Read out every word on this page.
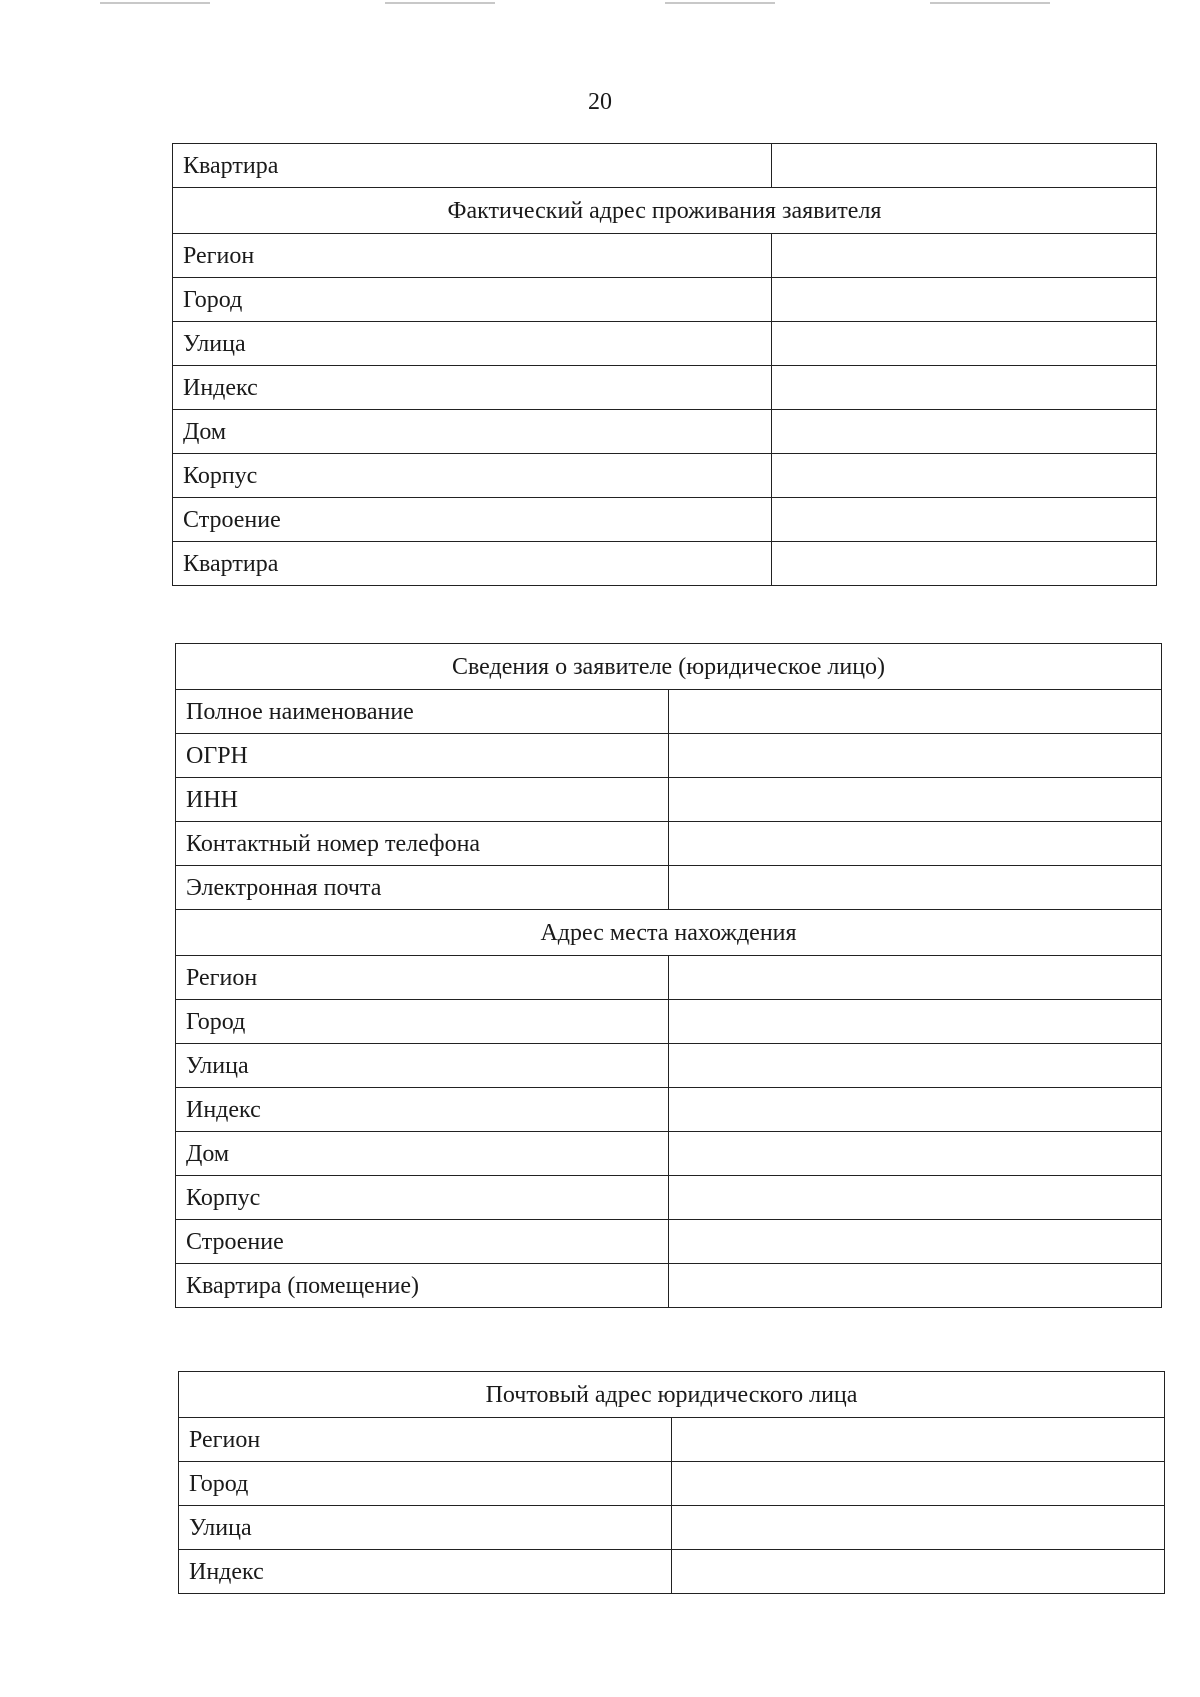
20
Квартира	
Фактический адрес проживания заявителя	
Регион	
Город	
Улица	
Индекс	
Дом	
Корпус	
Строение	
Квартира	
Сведения о заявителе (юридическое лицо)	
Полное наименование	
ОГРН	
ИНН	
Контактный номер телефона	
Электронная почта	
Адрес места нахождения	
Регион	
Город	
Улица	
Индекс	
Дом	
Корпус	
Строение	
Квартира (помещение)	
Почтовый адрес юридического лица	
Регион	
Город	
Улица	
Индекс	
